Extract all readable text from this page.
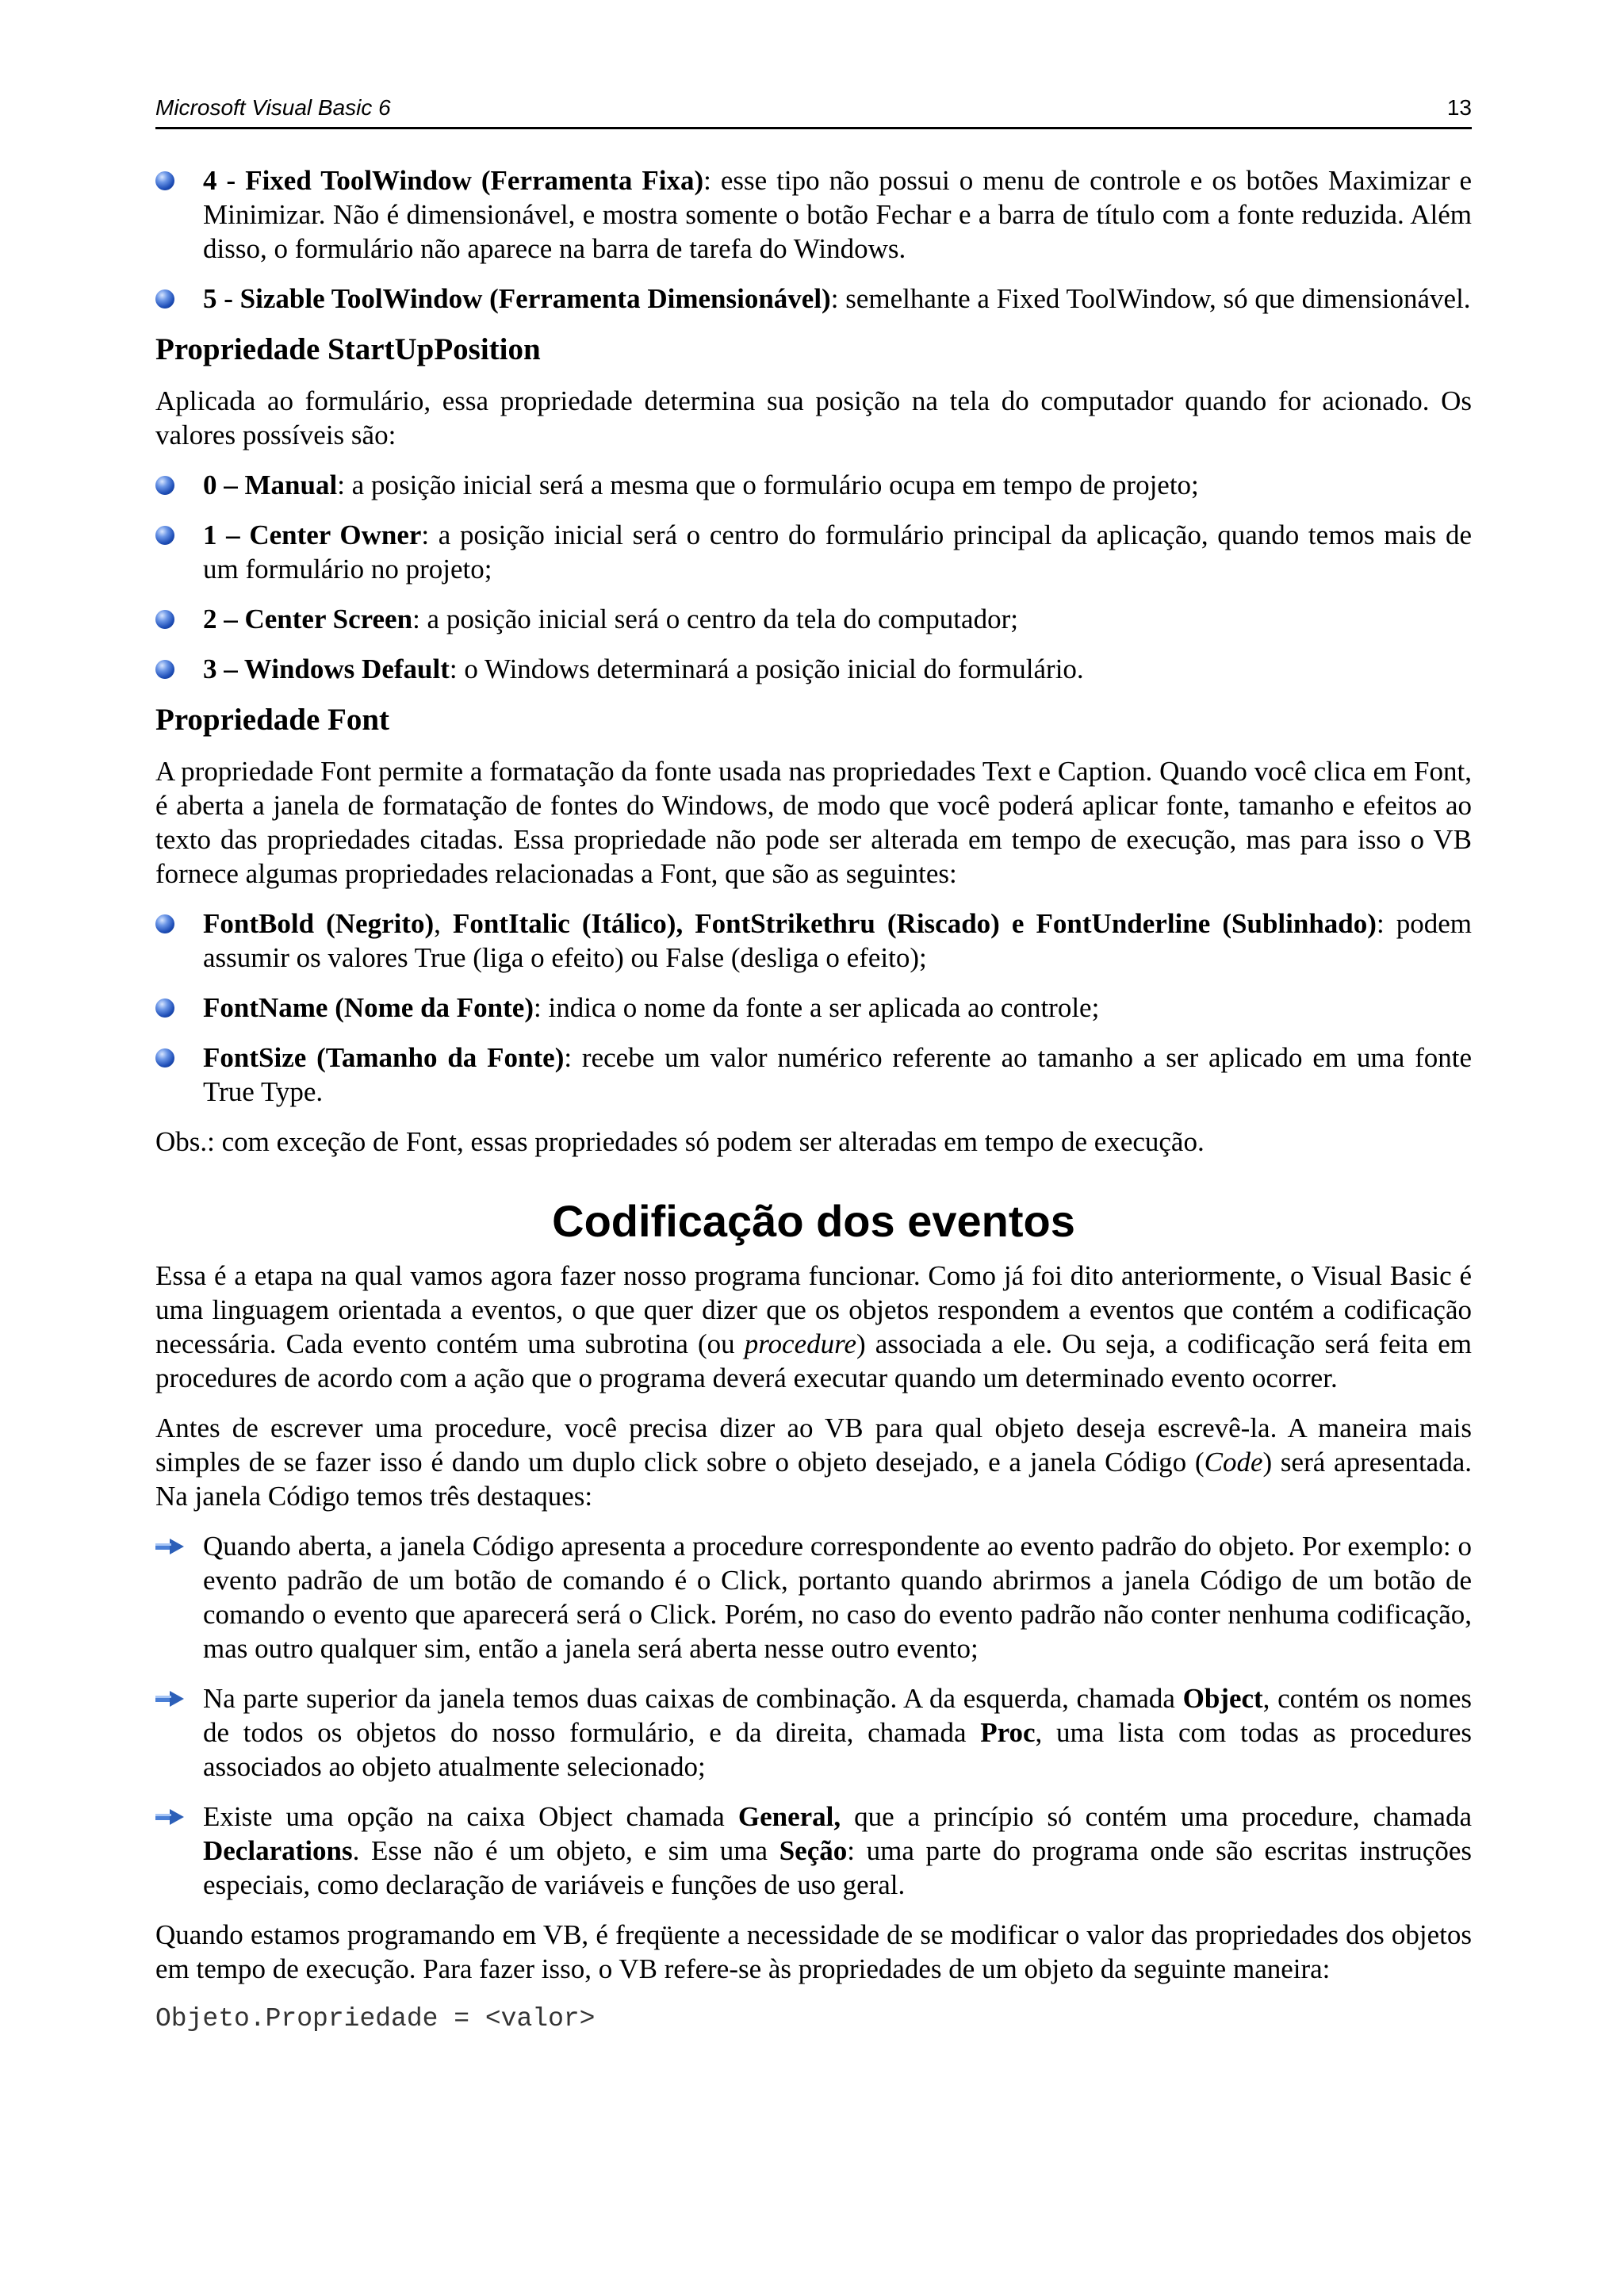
Microsoft Visual Basic 6	13
4 - Fixed ToolWindow (Ferramenta Fixa): esse tipo não possui o menu de controle e os botões Maximizar e Minimizar. Não é dimensionável, e mostra somente o botão Fechar e a barra de título com a fonte reduzida. Além disso, o formulário não aparece na barra de tarefa do Windows.
5 - Sizable ToolWindow (Ferramenta Dimensionável): semelhante a Fixed ToolWindow, só que dimensionável.
Propriedade StartUpPosition

Aplicada ao formulário, essa propriedade determina sua posição na tela do computador quando for acionado. Os valores possíveis são:

0 – Manual: a posição inicial será a mesma que o formulário ocupa em tempo de projeto;
1 – Center Owner: a posição inicial será o centro do formulário principal da aplicação, quando temos mais de um formulário no projeto;
2 – Center Screen: a posição inicial será o centro da tela do computador;
3 – Windows Default: o Windows determinará a posição inicial do formulário.
Propriedade Font

A propriedade Font permite a formatação da fonte usada nas propriedades Text e Caption. Quando você clica em Font, é aberta a janela de formatação de fontes do Windows, de modo que você poderá aplicar fonte, tamanho e efeitos ao texto das propriedades citadas. Essa propriedade não pode ser alterada em tempo de execução, mas para isso o VB fornece algumas propriedades relacionadas a Font, que são as seguintes:

FontBold (Negrito), FontItalic (Itálico), FontStrikethru (Riscado) e FontUnderline (Sublinhado): podem assumir os valores True (liga o efeito) ou False (desliga o efeito);
FontName (Nome da Fonte): indica o nome da fonte a ser aplicada ao controle;
FontSize (Tamanho da Fonte): recebe um valor numérico referente ao tamanho a ser aplicado em uma fonte True Type.

Obs.: com exceção de Font, essas propriedades só podem ser alteradas em tempo de execução.

Codificação dos eventos

Essa é a etapa na qual vamos agora fazer nosso programa funcionar. Como já foi dito anteriormente, o Visual Basic é uma linguagem orientada a eventos, o que quer dizer que os objetos respondem a eventos que contém a codificação necessária. Cada evento contém uma subrotina (ou procedure) associada a ele. Ou seja, a codificação será feita em procedures de acordo com a ação que o programa deverá executar quando um determinado evento ocorrer.

Antes de escrever uma procedure, você precisa dizer ao VB para qual objeto deseja escrevê-la. A maneira mais simples de se fazer isso é dando um duplo click sobre o objeto desejado, e a janela Código (Code) será apresentada. Na janela Código temos três destaques:

Quando aberta, a janela Código apresenta a procedure correspondente ao evento padrão do objeto. Por exemplo: o evento padrão de um botão de comando é o Click, portanto quando abrirmos a janela Código de um botão de comando o evento que aparecerá será o Click. Porém, no caso do evento padrão não conter nenhuma codificação, mas outro qualquer sim, então a janela será aberta nesse outro evento;
Na parte superior da janela temos duas caixas de combinação. A da esquerda, chamada Object, contém os nomes de todos os objetos do nosso formulário, e da direita, chamada Proc, uma lista com todas as procedures associados ao objeto atualmente selecionado;
Existe uma opção na caixa Object chamada General, que a princípio só contém uma procedure, chamada Declarations. Esse não é um objeto, e sim uma Seção: uma parte do programa onde são escritas instruções especiais, como declaração de variáveis e funções de uso geral.

Quando estamos programando em VB, é freqüente a necessidade de se modificar o valor das propriedades dos objetos em tempo de execução. Para fazer isso, o VB refere-se às propriedades de um objeto da seguinte maneira:

Objeto.Propriedade = <valor>
